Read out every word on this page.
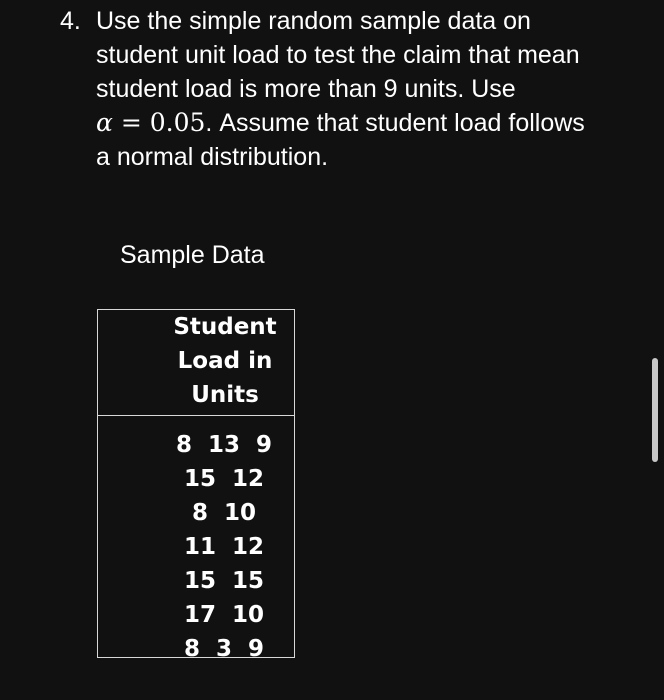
4. Use the simple random sample data on
student unit load to test the claim that mean
student load is more than 9 units. Use
α = 0.05. Assume that student load follows
a normal distribution.
Sample Data
Student
Load in
Units
8  13  9
15  12
8  10
11  12
15  15
17  10
8  3  9
